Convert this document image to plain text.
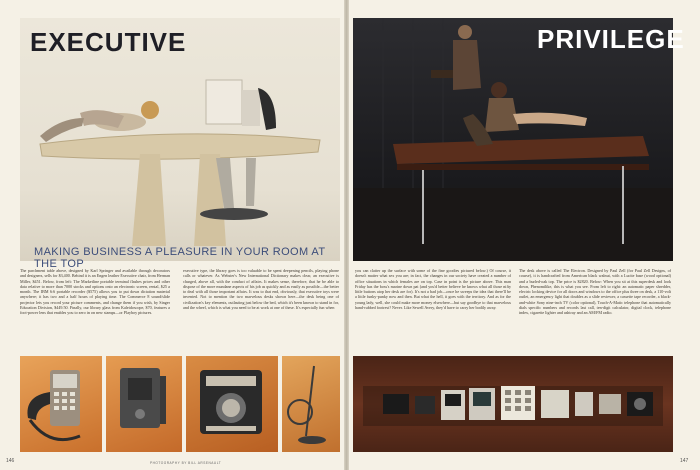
EXECUTIVE
MAKING BUSINESS A PLEASURE IN YOUR ROOM AT THE TOP
The parchment table above, designed by Karl Springer and available through decorators and designers, sells for $3,400. Behind it is an Engen leather Executive chair, from Herman Miller, $451. Below, from left: The Marketline portable terminal flashes prices and other data relative to more than 7000 stocks and options onto an electronic screen, rental, $25 a month. The IBM 6:6 portable recorder ($575) allows you to put down dictation material anywhere; it has two and a half hours of playing time. The Commerce 8 sound/slide projector lets you record your picture comments, and change them if you wish, by Singer Education Division, $449.50. Finally, our library glass from Kaleidoscope, $70, features a foot-power lens that enables you to zero in on new stamps—or Playboy pictures.
executive type, the library goes is too valuable to be spent deepening pencils, playing phone calls or whatever. As Webster's New International Dictionary makes clear, an executive is charged, above all, with the conduct of affairs. It makes sense, therefore, that he be able to dispose of the more mundane aspects of his job as quickly and as easily as possible—the better to deal with all those important affairs. It was to that end, obviously, that executive toys were invented. Not to mention the two marvelous desks shown here—the desk being one of civilization's key elements, outlasting just below the bed, which it's been known to stand in for, and the wheel, which is what you need to be at work at one of these. It's especially fun when
146	PHOTOGRAPHY BY BILL ARSENAULT
PRIVILEGE
you can clatter up the surface with some of the fine goodies pictured below.) Of course, it doesn't matter what sex you are; in fact, the changes in our society have created a number of office situations in which females are on top. Case in point is the picture above. This man Friday has the boss's marine down pat (and you'd better believe he knows what all those nifty little buttons atop her desk are for). It's not a bad job—once he sweeps the idea that there'll be a little funky-punky now and then. But what the hell, it goes with the territory. And as for the young lady, well, she could make more money elsewhere—but say goodbye to that marvelous hand-rubbed footrest? Never. Like Sewell Avery, they'd have to carry her bodily away.
The desk above is called The Electron. Designed by Paul Zell (for Paul Zell Designs, of course), it is handcrafted from American black walnut, with a Lucite base (wood optional) and a burled-oak top. The price is $2820. Below: When you sit at this superdesk and look down, Phenomilike, this is what you see. From left to right: an automatic paper shredder, electric locking device for all doors and windows to the office plus three on desk, a 110-volt outlet, an emergency light that doubles as a slide reviewer, a cassette tape recorder, a black-and-white Sony nine-inch TV (color optional), Touch-A-Matic telephone that automatically dials specific numbers and records last call, ten-digit calculator, digital clock, telephone index, cigarette lighter and ashtray and an AM/FM radio.
147
